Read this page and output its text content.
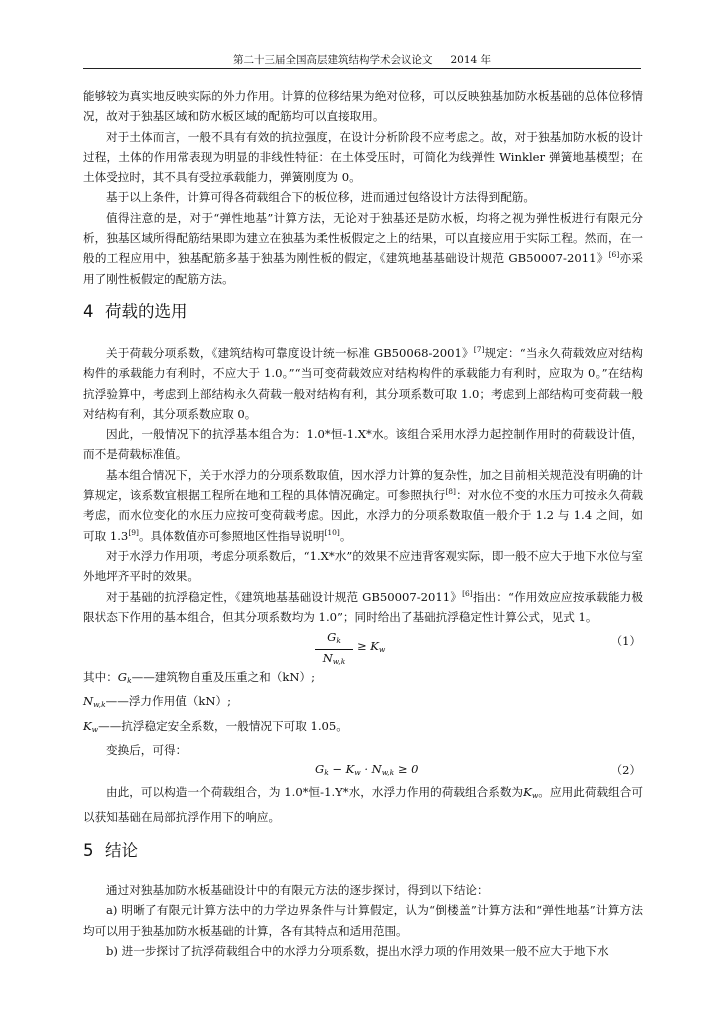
第二十三届全国高层建筑结构学术会议论文 2014 年

能够较为真实地反映实际的外力作用。计算的位移结果为绝对位移，可以反映独基加防水板基础的总体位移情况，故对于独基区域和防水板区域的配筋均可以直接取用。

对于土体而言，一般不具有有效的抗拉强度，在设计分析阶段不应考虑之。故，对于独基加防水板的设计过程，土体的作用常表现为明显的非线性特征：在土体受压时，可简化为线弹性 Winkler 弹簧地基模型；在土体受拉时，其不具有受拉承载能力，弹簧刚度为 0。

基于以上条件，计算可得各荷载组合下的板位移，进而通过包络设计方法得到配筋。

值得注意的是，对于“弹性地基”计算方法，无论对于独基还是防水板，均将之视为弹性板进行有限元分析，独基区域所得配筋结果即为建立在独基为柔性板假定之上的结果，可以直接应用于实际工程。然而，在一般的工程应用中，独基配筋多基于独基为刚性板的假定，《建筑地基基础设计规范 GB50007-2011》[6]亦采用了刚性板假定的配筋方法。

4 荷载的选用

关于荷载分项系数，《建筑结构可靠度设计统一标准 GB50068-2001》[7]规定：“当永久荷载效应对结构构件的承载能力有利时，不应大于 1.0。”“当可变荷载效应对结构构件的承载能力有利时，应取为 0。”在结构抗浮验算中，考虑到上部结构永久荷载一般对结构有利，其分项系数可取 1.0；考虑到上部结构可变荷载一般对结构有利，其分项系数应取 0。

因此，一般情况下的抗浮基本组合为：1.0*恒-1.X*水。该组合采用水浮力起控制作用时的荷载设计值，而不是荷载标准值。

基本组合情况下，关于水浮力的分项系数取值，因水浮力计算的复杂性，加之目前相关规范没有明确的计算规定，该系数宜根据工程所在地和工程的具体情况确定。可参照执行[8]：对水位不变的水压力可按永久荷载考虑，而水位变化的水压力应按可变荷载考虑。因此，水浮力的分项系数取值一般介于 1.2 与 1.4 之间，如可取 1.3[9]。具体数值亦可参照地区性指导说明[10]。

对于水浮力作用项，考虑分项系数后，“1.X*水”的效果不应违背客观实际，即一般不应大于地下水位与室外地坪齐平时的效果。

对于基础的抗浮稳定性，《建筑地基基础设计规范 GB50007-2011》[6]指出：“作用效应应按承载能力极限状态下作用的基本组合，但其分项系数均为 1.0”；同时给出了基础抗浮稳定性计算公式，见式 1。

$G_k$
$N_{w,k}$
≥ $K_w$
（1）

其中：$G_k——$建筑物自重及压重之和（kN）;

$N_{w,k}——$浮力作用值（kN）;

$K_w——$抗浮稳定安全系数，一般情况下可取 1.05。

变换后，可得：

$G_k - K_w \cdot N_{w,k} \ge 0$	（2）

由此，可以构造一个荷载组合，为 1.0*恒-1.Y*水，水浮力作用的荷载组合系数为$K_w$。应用此荷载组合可以获知基础在局部抗浮作用下的响应。

5 结论

通过对独基加防水板基础设计中的有限元方法的逐步探讨，得到以下结论：

a) 明晰了有限元计算方法中的力学边界条件与计算假定，认为“倒楼盖”计算方法和“弹性地基”计算方法均可以用于独基加防水板基础的计算，各有其特点和适用范围。

b) 进一步探讨了抗浮荷载组合中的水浮力分项系数，提出水浮力项的作用效果一般不应大于地下水
